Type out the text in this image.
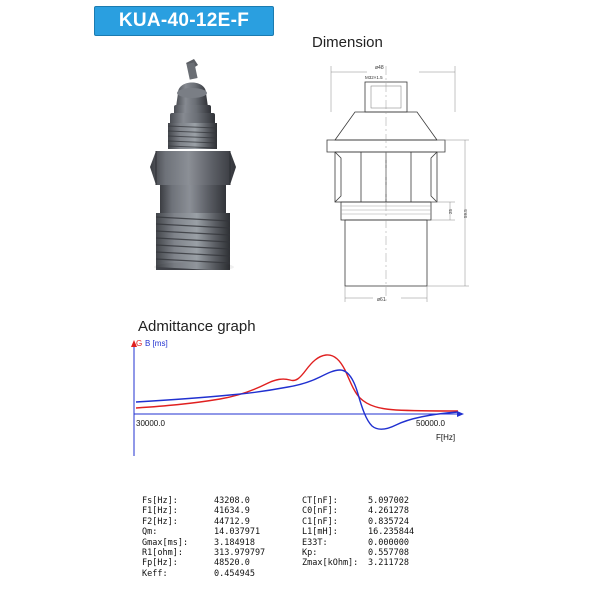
KUA-40-12E-F
Dimension
Admittance graph
ø48
M32×1.5
25 59.5
ø61
G B [ms]
30000.0	50000.0
F[Hz]
Fs[Hz]:	43208.0	CT[nF]:	5.097002
F1[Hz]:	41634.9	C0[nF]:	4.261278
F2[Hz]:	44712.9	C1[nF]:	0.835724
Qm:	14.037971	L1[mH]:	16.235844
Gmax[ms]:	3.184918	E33T:	0.000000
R1[ohm]:	313.979797	Kp:	0.557708
Fp[Hz]:	48520.0	Zmax[kOhm]:	3.211728
Keff:	0.454945		
